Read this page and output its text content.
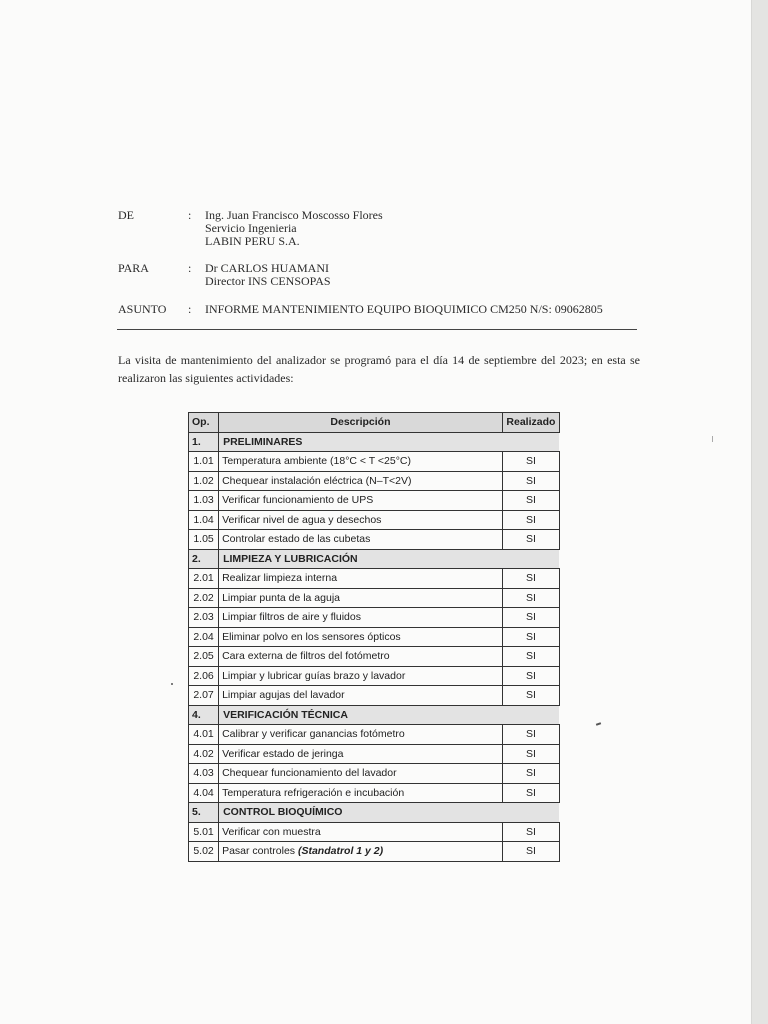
DE	: Ing. Juan Francisco Moscosso Flores
Servicio Ingenieria
LABIN PERU S.A.
PARA	: Dr CARLOS HUAMANI
Director INS CENSOPAS
ASUNTO : INFORME MANTENIMIENTO EQUIPO BIOQUIMICO CM250 N/S: 09062805
La visita de mantenimiento del analizador se programó para el día 14 de septiembre del 2023; en esta se
realizaron las siguientes actividades:
Op.	Descripción	Realizado
1.	PRELIMINARES	
1.01	Temperatura ambiente (18°C < T <25°C)	SI
1.02	Chequear instalación eléctrica (N–T<2V)	SI
1.03	Verificar funcionamiento de UPS	SI
1.04	Verificar nivel de agua y desechos	SI
1.05	Controlar estado de las cubetas	SI
2.	LIMPIEZA Y LUBRICACIÓN	
2.01	Realizar limpieza interna	SI
2.02	Limpiar punta de la aguja	SI
2.03	Limpiar filtros de aire y fluidos	SI
2.04	Eliminar polvo en los sensores ópticos	SI
2.05	Cara externa de filtros del fotómetro	SI
2.06	Limpiar y lubricar guías brazo y lavador	SI
2.07	Limpiar agujas del lavador	SI
4.	VERIFICACIÓN TÉCNICA	
4.01	Calibrar y verificar ganancias fotómetro	SI
4.02	Verificar estado de jeringa	SI
4.03	Chequear funcionamiento del lavador	SI
4.04	Temperatura refrigeración e incubación	SI
5.	CONTROL BIOQUÍMICO	
5.01	Verificar con muestra	SI
5.02	Pasar controles (Standatrol 1 y 2)	SI
